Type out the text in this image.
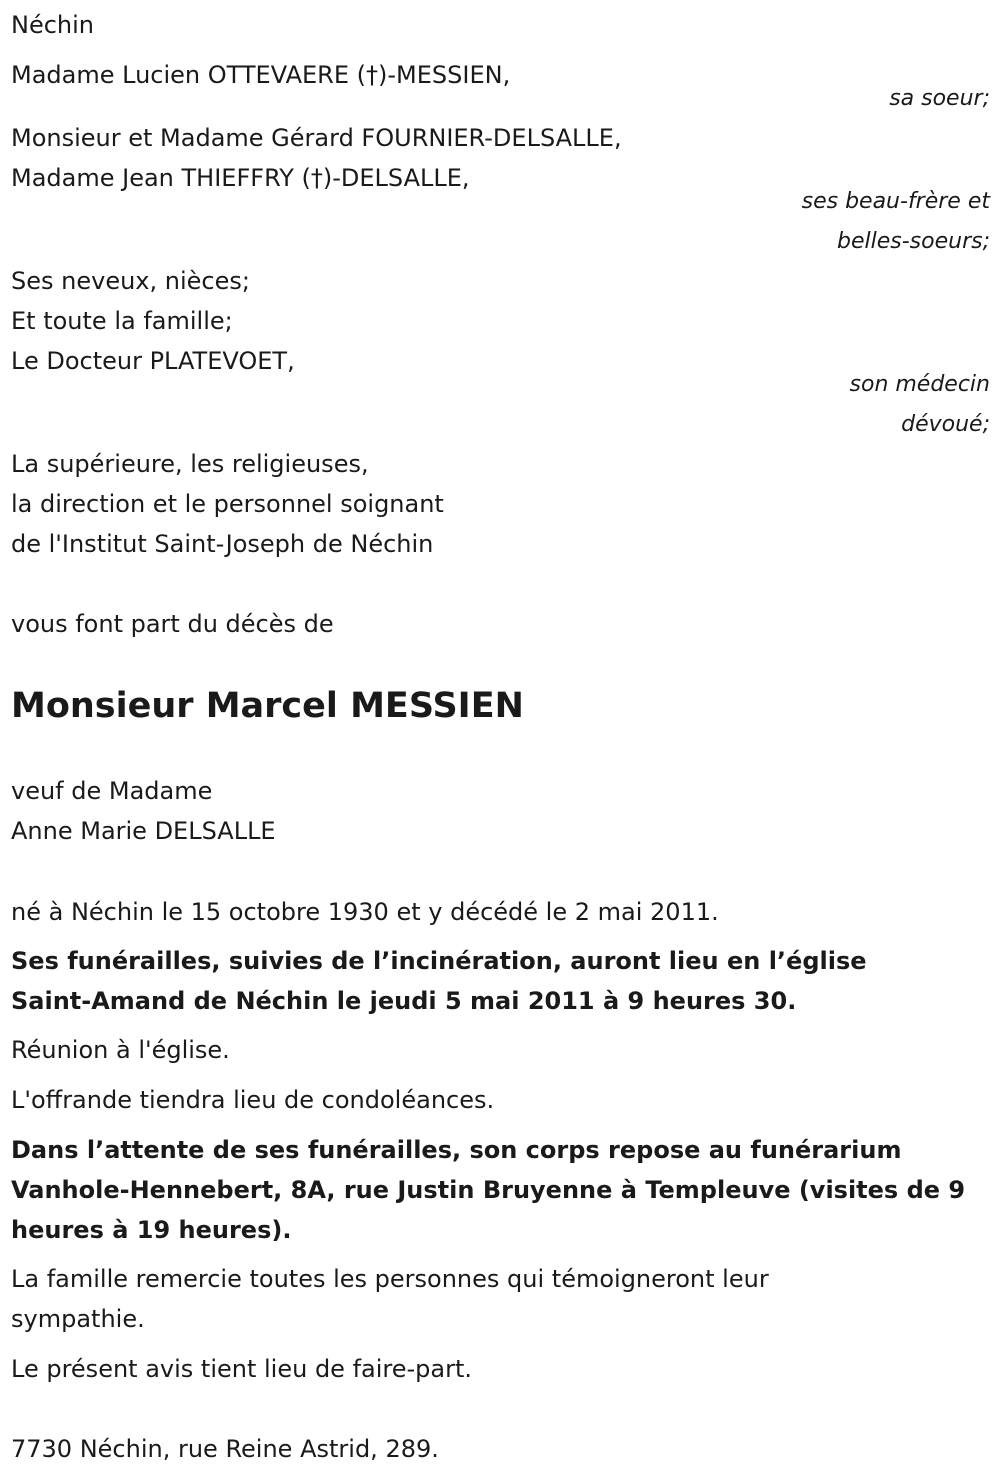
Néchin
Madame Lucien OTTEVAERE (†)-MESSIEN,
sa soeur;
Monsieur et Madame Gérard FOURNIER-DELSALLE,
Madame Jean THIEFFRY (†)-DELSALLE,
ses beau-frère et
belles-soeurs;
Ses neveux, nièces;
Et toute la famille;
Le Docteur PLATEVOET,
son médecin
dévoué;
La supérieure, les religieuses,
la direction et le personnel soignant
de l'Institut Saint-Joseph de Néchin
vous font part du décès de
Monsieur Marcel MESSIEN
veuf de Madame
Anne Marie DELSALLE
né à Néchin le 15 octobre 1930 et y décédé le 2 mai 2011.
Ses funérailles, suivies de l’incinération, auront lieu en l’église
Saint-Amand de Néchin le jeudi 5 mai 2011 à 9 heures 30.
Réunion à l'église.
L'offrande tiendra lieu de condoléances.
Dans l’attente de ses funérailles, son corps repose au funérarium
Vanhole-Hennebert, 8A, rue Justin Bruyenne à Templeuve (visites de 9
heures à 19 heures).
La famille remercie toutes les personnes qui témoigneront leur
sympathie.
Le présent avis tient lieu de faire-part.
7730 Néchin, rue Reine Astrid, 289.
